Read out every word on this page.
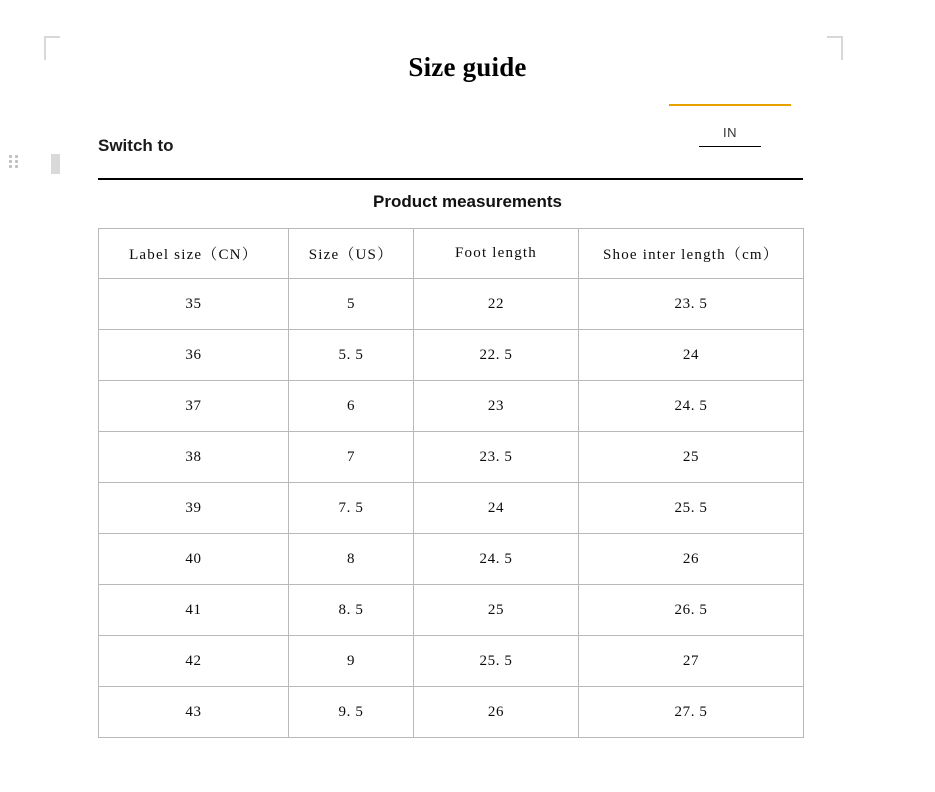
Size guide
Switch to
IN
Product measurements
Label size（CN）	Size（US）	Foot length	Shoe inter length（cm）
35	5	22	23. 5
36	5. 5	22. 5	24
37	6	23	24. 5
38	7	23. 5	25
39	7. 5	24	25. 5
40	8	24. 5	26
41	8. 5	25	26. 5
42	9	25. 5	27
43	9. 5	26	27. 5
